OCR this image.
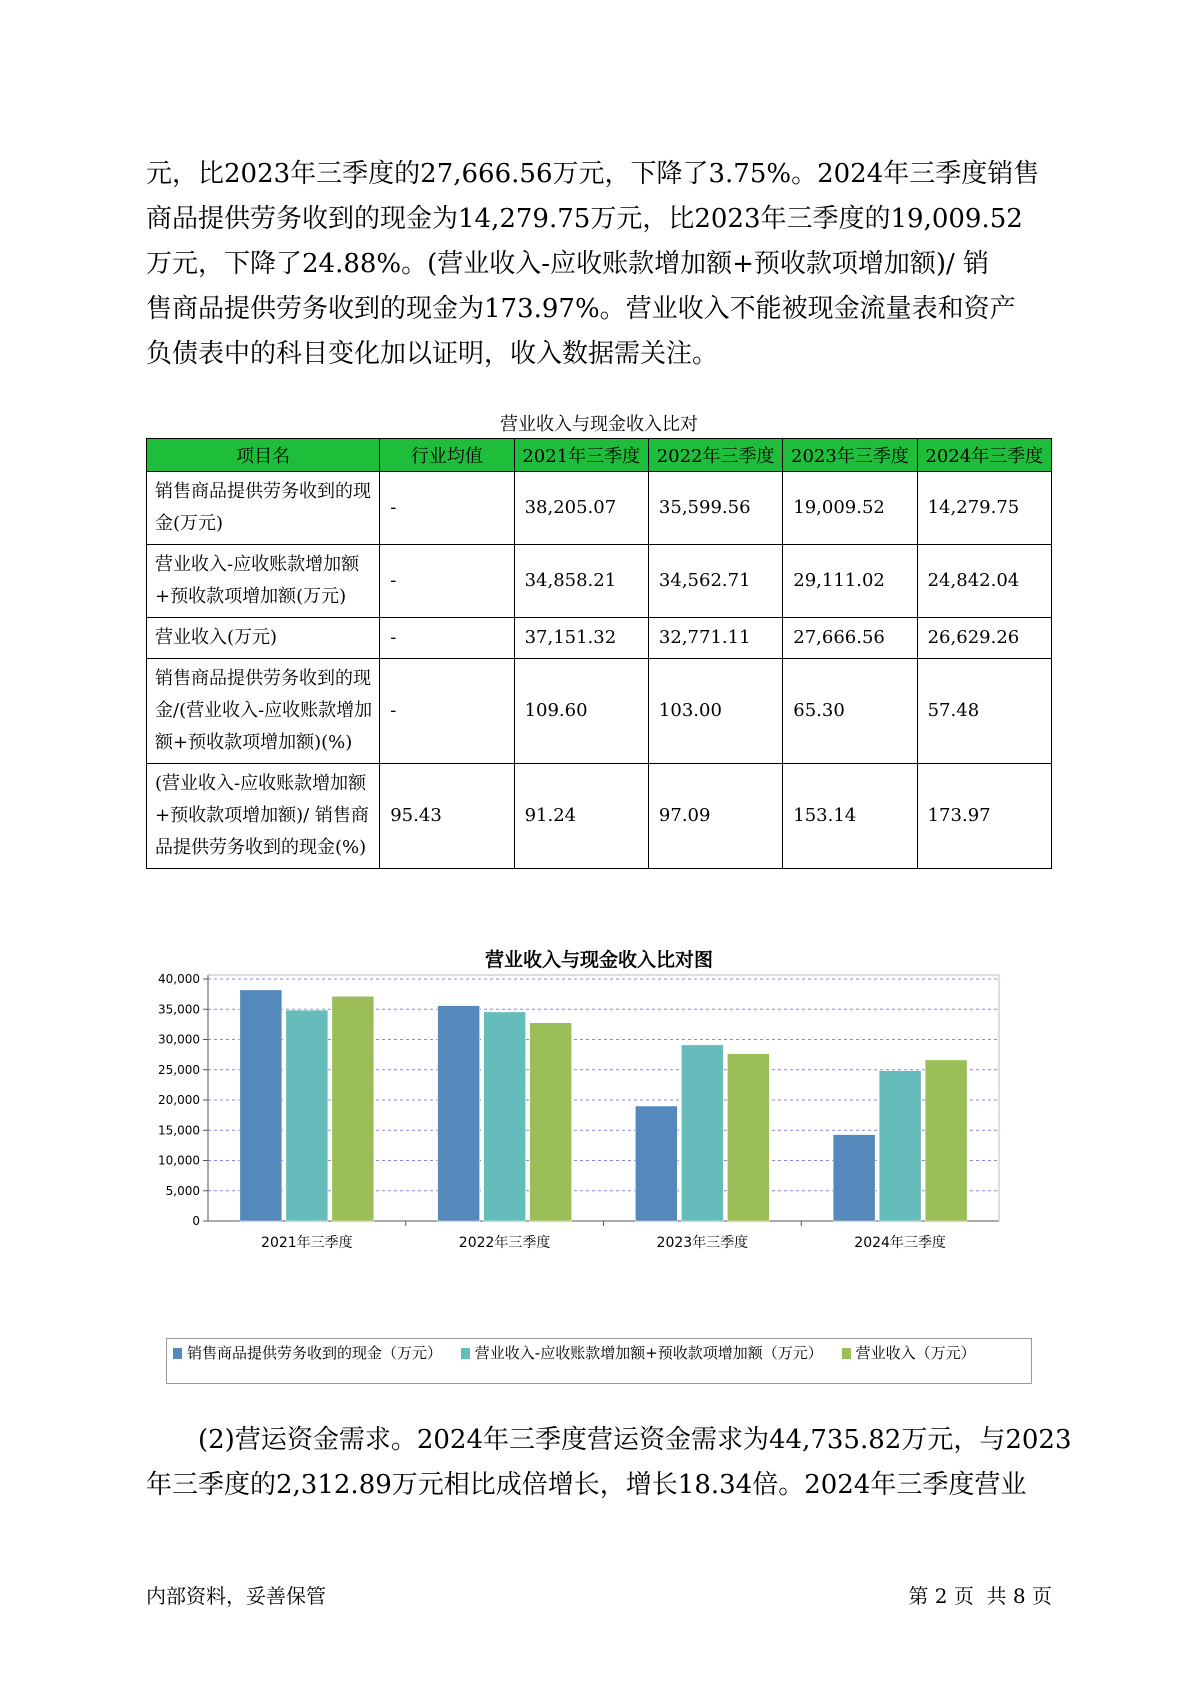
元，比2023年三季度的27,666.56万元，下降了3.75%。2024年三季度销售
商品提供劳务收到的现金为14,279.75万元，比2023年三季度的19,009.52
万元，下降了24.88%。(营业收入-应收账款增加额+预收款项增加额)/ 销
售商品提供劳务收到的现金为173.97%。营业收入不能被现金流量表和资产
负债表中的科目变化加以证明，收入数据需关注。
营业收入与现金收入比对
项目名	行业均值	2021年三季度	2022年三季度	2023年三季度	2024年三季度
销售商品提供劳务收到的现金(万元)	-	38,205.07	35,599.56	19,009.52	14,279.75
营业收入-应收账款增加额+预收款项增加额(万元)	-	34,858.21	34,562.71	29,111.02	24,842.04
营业收入(万元)	-	37,151.32	32,771.11	27,666.56	26,629.26
销售商品提供劳务收到的现金/(营业收入-应收账款增加额+预收款项增加额)(%)	-	109.60	103.00	65.30	57.48
(营业收入-应收账款增加额+预收款项增加额)/ 销售商品提供劳务收到的现金(%)	95.43	91.24	97.09	153.14	173.97
0
5,000
10,000
15,000
20,000
25,000
30,000
35,000
40,000
2021年三季度	2022年三季度	2023年三季度	2024年三季度
营业收入与现金收入比对图
销售商品提供劳务收到的现金（万元） 营业收入-应收账款增加额+预收款项增加额（万元） 营业收入（万元）
(2)营运资金需求。2024年三季度营运资金需求为44,735.82万元，与2023
年三季度的2,312.89万元相比成倍增长，增长18.34倍。2024年三季度营业
内部资料，妥善保管	第 2 页  共 8 页
